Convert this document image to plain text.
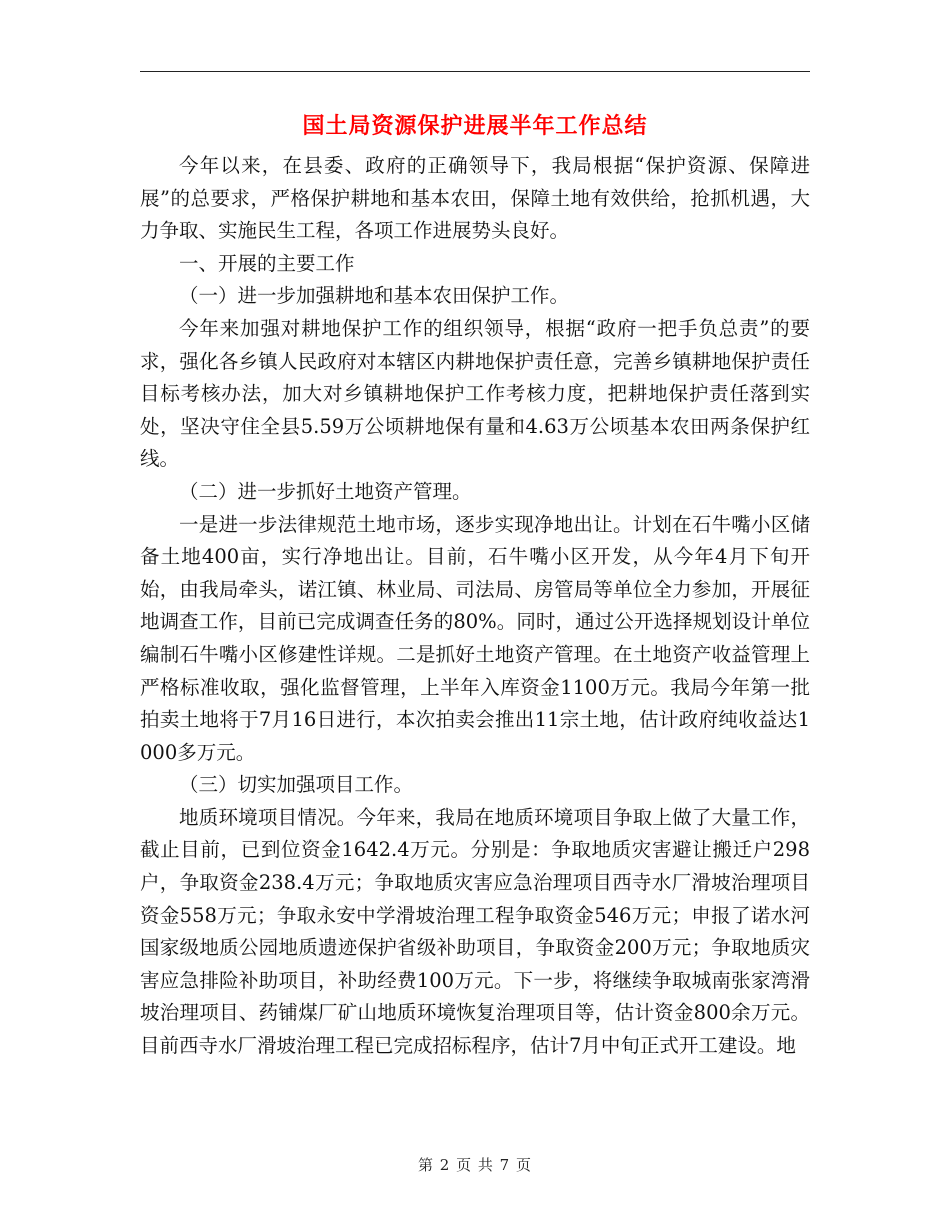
国土局资源保护进展半年工作总结

今年以来，在县委、政府的正确领导下，我局根据“保护资源、保障进展”的总要求，严格保护耕地和基本农田，保障土地有效供给，抢抓机遇，大力争取、实施民生工程，各项工作进展势头良好。

一、开展的主要工作

（一）进一步加强耕地和基本农田保护工作。

今年来加强对耕地保护工作的组织领导，根据“政府一把手负总责”的要求，强化各乡镇人民政府对本辖区内耕地保护责任意，完善乡镇耕地保护责任目标考核办法，加大对乡镇耕地保护工作考核力度，把耕地保护责任落到实处，坚决守住全县5.59万公顷耕地保有量和4.63万公顷基本农田两条保护红线。

（二）进一步抓好土地资产管理。

一是进一步法律规范土地市场，逐步实现净地出让。计划在石牛嘴小区储备土地400亩，实行净地出让。目前，石牛嘴小区开发，从今年4月下旬开始，由我局牵头，诺江镇、林业局、司法局、房管局等单位全力参加，开展征地调查工作，目前已完成调查任务的80%。同时，通过公开选择规划设计单位编制石牛嘴小区修建性详规。二是抓好土地资产管理。在土地资产收益管理上严格标准收取，强化监督管理，上半年入库资金1100万元。我局今年第一批拍卖土地将于7月16日进行，本次拍卖会推出11宗土地，估计政府纯收益达1000多万元。

（三）切实加强项目工作。

地质环境项目情况。今年来，我局在地质环境项目争取上做了大量工作，截止目前，已到位资金1642.4万元。分别是：争取地质灾害避让搬迁户298户，争取资金238.4万元；争取地质灾害应急治理项目西寺水厂滑坡治理项目资金558万元；争取永安中学滑坡治理工程争取资金546万元；申报了诺水河国家级地质公园地质遗迹保护省级补助项目，争取资金200万元；争取地质灾害应急排险补助项目，补助经费100万元。下一步，将继续争取城南张家湾滑坡治理项目、药铺煤厂矿山地质环境恢复治理项目等，估计资金800余万元。目前西寺水厂滑坡治理工程已完成招标程序，估计7月中旬正式开工建设。地

第 2 页 共 7 页
